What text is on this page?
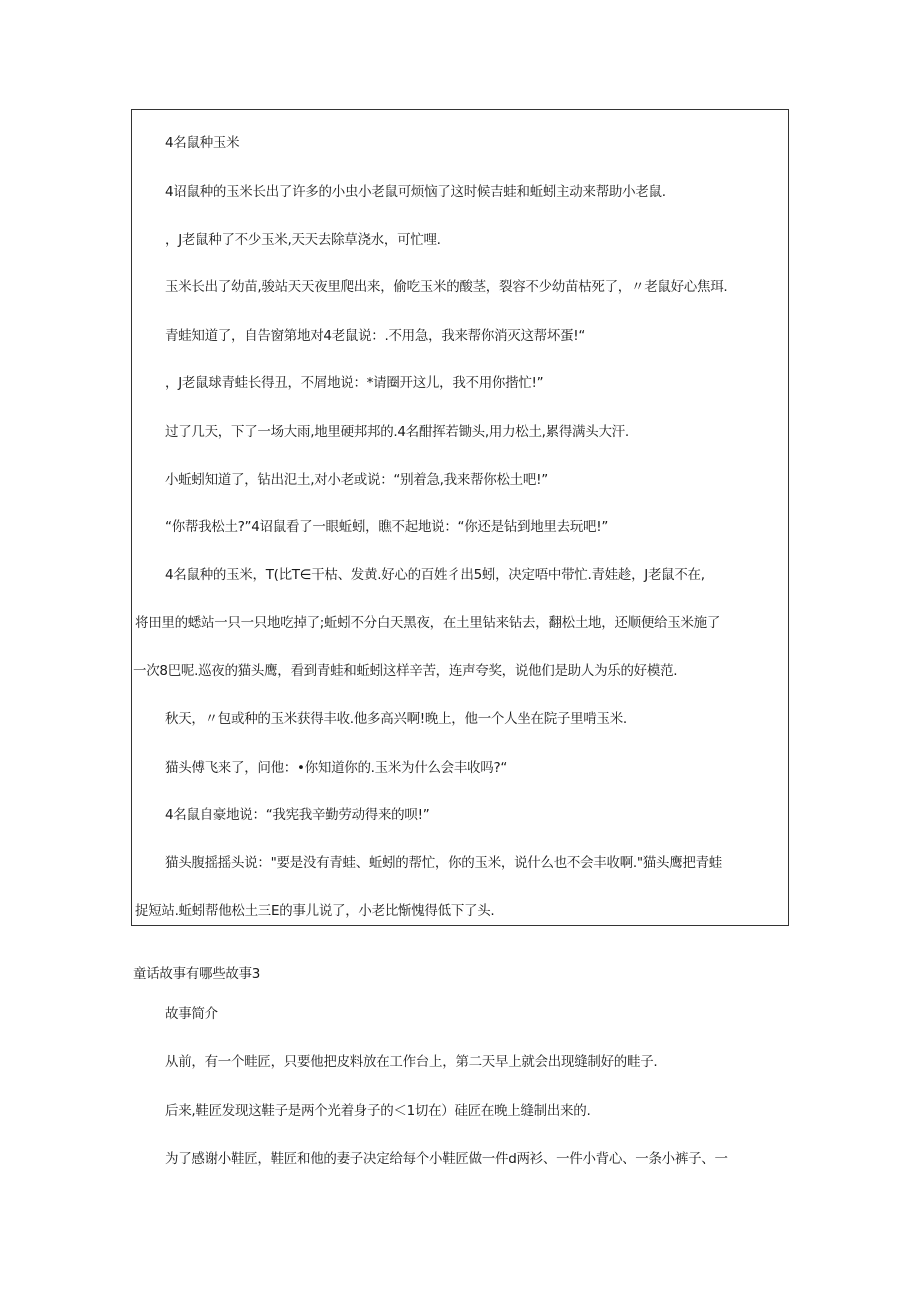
4名鼠种玉米
4诏鼠种的玉米长出了许多的小虫小老鼠可烦恼了这时候吉蛙和蚯蚓主动来帮助小老鼠.
，J老鼠种了不少玉米,天天去除草浇水，可忙哩.
玉米长出了幼苗,骏站天天夜里爬出来，偷吃玉米的酸茎，裂容不少幼苗枯死了，〃老鼠好心焦珥.
青蛙知道了，自告窗第地对4老鼠说：.不用急，我来帮你消灭这帮坏蛋!“
，J老鼠球青蛙长得丑，不屑地说：*请圈开这儿，我不用你揩忙!”
过了几天，下了一场大雨,地里硬邦邦的.4名酣挥若锄头,用力松土,累得满头大汗.
小蚯蚓知道了，钻出氾土,对小老或说：“别着急,我来帮你松土吧!”
“你帮我松土?”4诏鼠看了一眼蚯蚓，瞧不起地说：“你还是钻到地里去玩吧!”
4名鼠种的玉米，T(比T∈干枯、发黄.好心的百姓彳出5蚓，决定唔中带忙.青娃趁，J老鼠不在,
将田里的蟋站一只一只地吃掉了;蚯蚓不分白天黑夜，在土里钻来钻去，翻松土地，还顺便给玉米施了
一次8巴呢.巡夜的猫头鹰，看到青蛙和蚯蚓这样辛苦，连声夸奖，说他们是助人为乐的好模范.
秋天，〃包或种的玉米获得丰收.他多高兴啊!晚上，他一个人坐在院子里啃玉米.
猫头傅飞来了，问他：•你知道你的.玉米为什么会丰收吗?“
4名鼠自豪地说：“我宪我辛勤劳动得来的呗!”
猫头腹摇摇头说："要是没有青蛙、蚯蚓的帮忙，你的玉米，说什么也不会丰收啊."猫头鹰把青蛙
捉短站.蚯蚓帮他松土三E的事儿说了，小老比惭愧得低下了头.
童话故事有哪些故事3
故事简介
从前，有一个畦匠，只要他把皮料放在工作台上，第二天早上就会出现缝制好的畦子.
后来,鞋匠发现这鞋子是两个光着身子的＜1切在）硅匠在晚上缝制出来的.
为了感谢小鞋匠，鞋匠和他的妻子决定给每个小鞋匠做一件d两衫、一件小背心、一条小裤子、一
